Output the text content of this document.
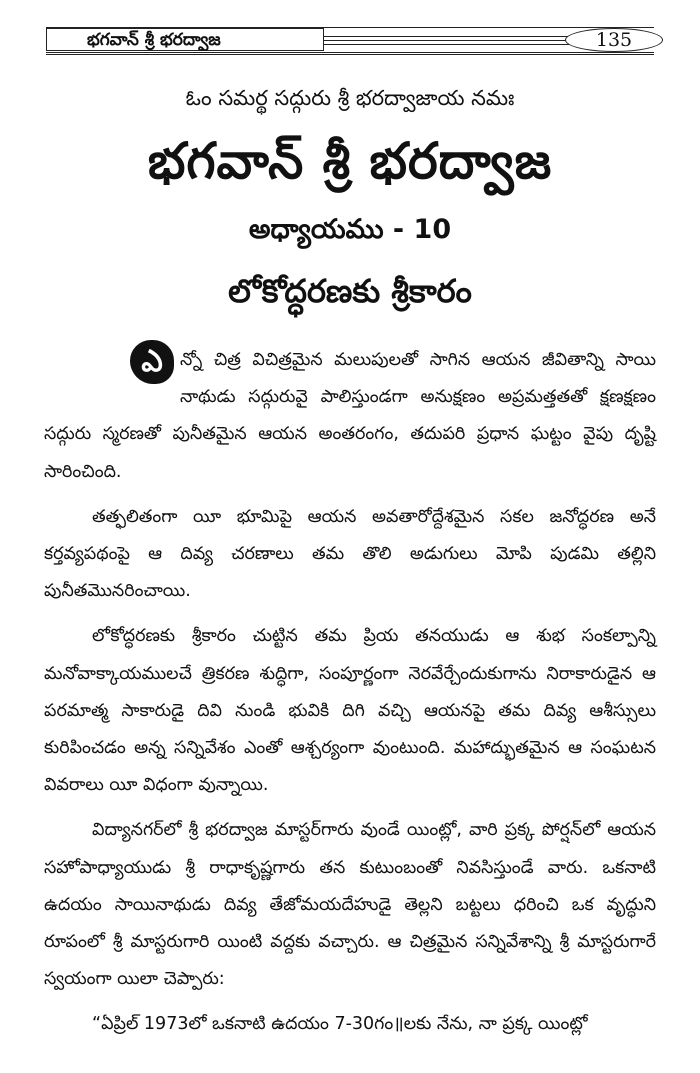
భగవాన్ శ్రీ భరద్వాజ	135
ఓం సమర్థ సద్గురు శ్రీ భరద్వాజాయ నమః
భగవాన్ శ్రీ భరద్వాజ
అధ్యాయము - 10
లోకోద్ధరణకు శ్రీకారం

ఎ న్నో చిత్ర విచిత్రమైన మలుపులతో సాగిన ఆయన జీవితాన్ని సాయి నాథుడు సద్గురువై పాలిస్తుండగా అనుక్షణం అప్రమత్తతతో క్షణక్షణం సద్గురు స్మరణతో పునీతమైన ఆయన అంతరంగం, తదుపరి ప్రధాన ఘట్టం వైపు దృష్టి సారించింది.

తత్ఫలితంగా యీ భూమిపై ఆయన అవతారోద్దేశమైన సకల జనోద్ధరణ అనే కర్తవ్యపథంపై ఆ దివ్య చరణాలు తమ తొలి అడుగులు మోపి పుడమి తల్లిని పునీతమొనరించాయి.

లోకోద్ధరణకు శ్రీకారం చుట్టిన తమ ప్రియ తనయుడు ఆ శుభ సంకల్పాన్ని మనోవాక్కాయములచే త్రికరణ శుద్ధిగా, సంపూర్ణంగా నెరవేర్చేందుకుగాను నిరాకారుడైన ఆ పరమాత్మ సాకారుడై దివి నుండి భువికి దిగి వచ్చి ఆయనపై తమ దివ్య ఆశీస్సులు కురిపించడం అన్న సన్నివేశం ఎంతో ఆశ్చర్యంగా వుంటుంది. మహాద్భుతమైన ఆ సంఘటన వివరాలు యీ విధంగా వున్నాయి.

విద్యానగర్‌లో శ్రీ భరద్వాజ మాస్టర్‌గారు వుండే యింట్లో, వారి ప్రక్క పోర్షన్‌లో ఆయన సహోపాధ్యాయుడు శ్రీ రాధాకృష్ణగారు తన కుటుంబంతో నివసిస్తుండే వారు. ఒకనాటి ఉదయం సాయినాథుడు దివ్య తేజోమయదేహుడై తెల్లని బట్టలు ధరించి ఒక వృద్ధుని రూపంలో శ్రీ మాస్టరుగారి యింటి వద్దకు వచ్చారు. ఆ చిత్రమైన సన్నివేశాన్ని శ్రీ మాస్టరుగారే స్వయంగా యిలా చెప్పారు:

“ఏప్రిల్ 1973లో ఒకనాటి ఉదయం 7-30గం॥లకు నేను, నా ప్రక్క యింట్లో
